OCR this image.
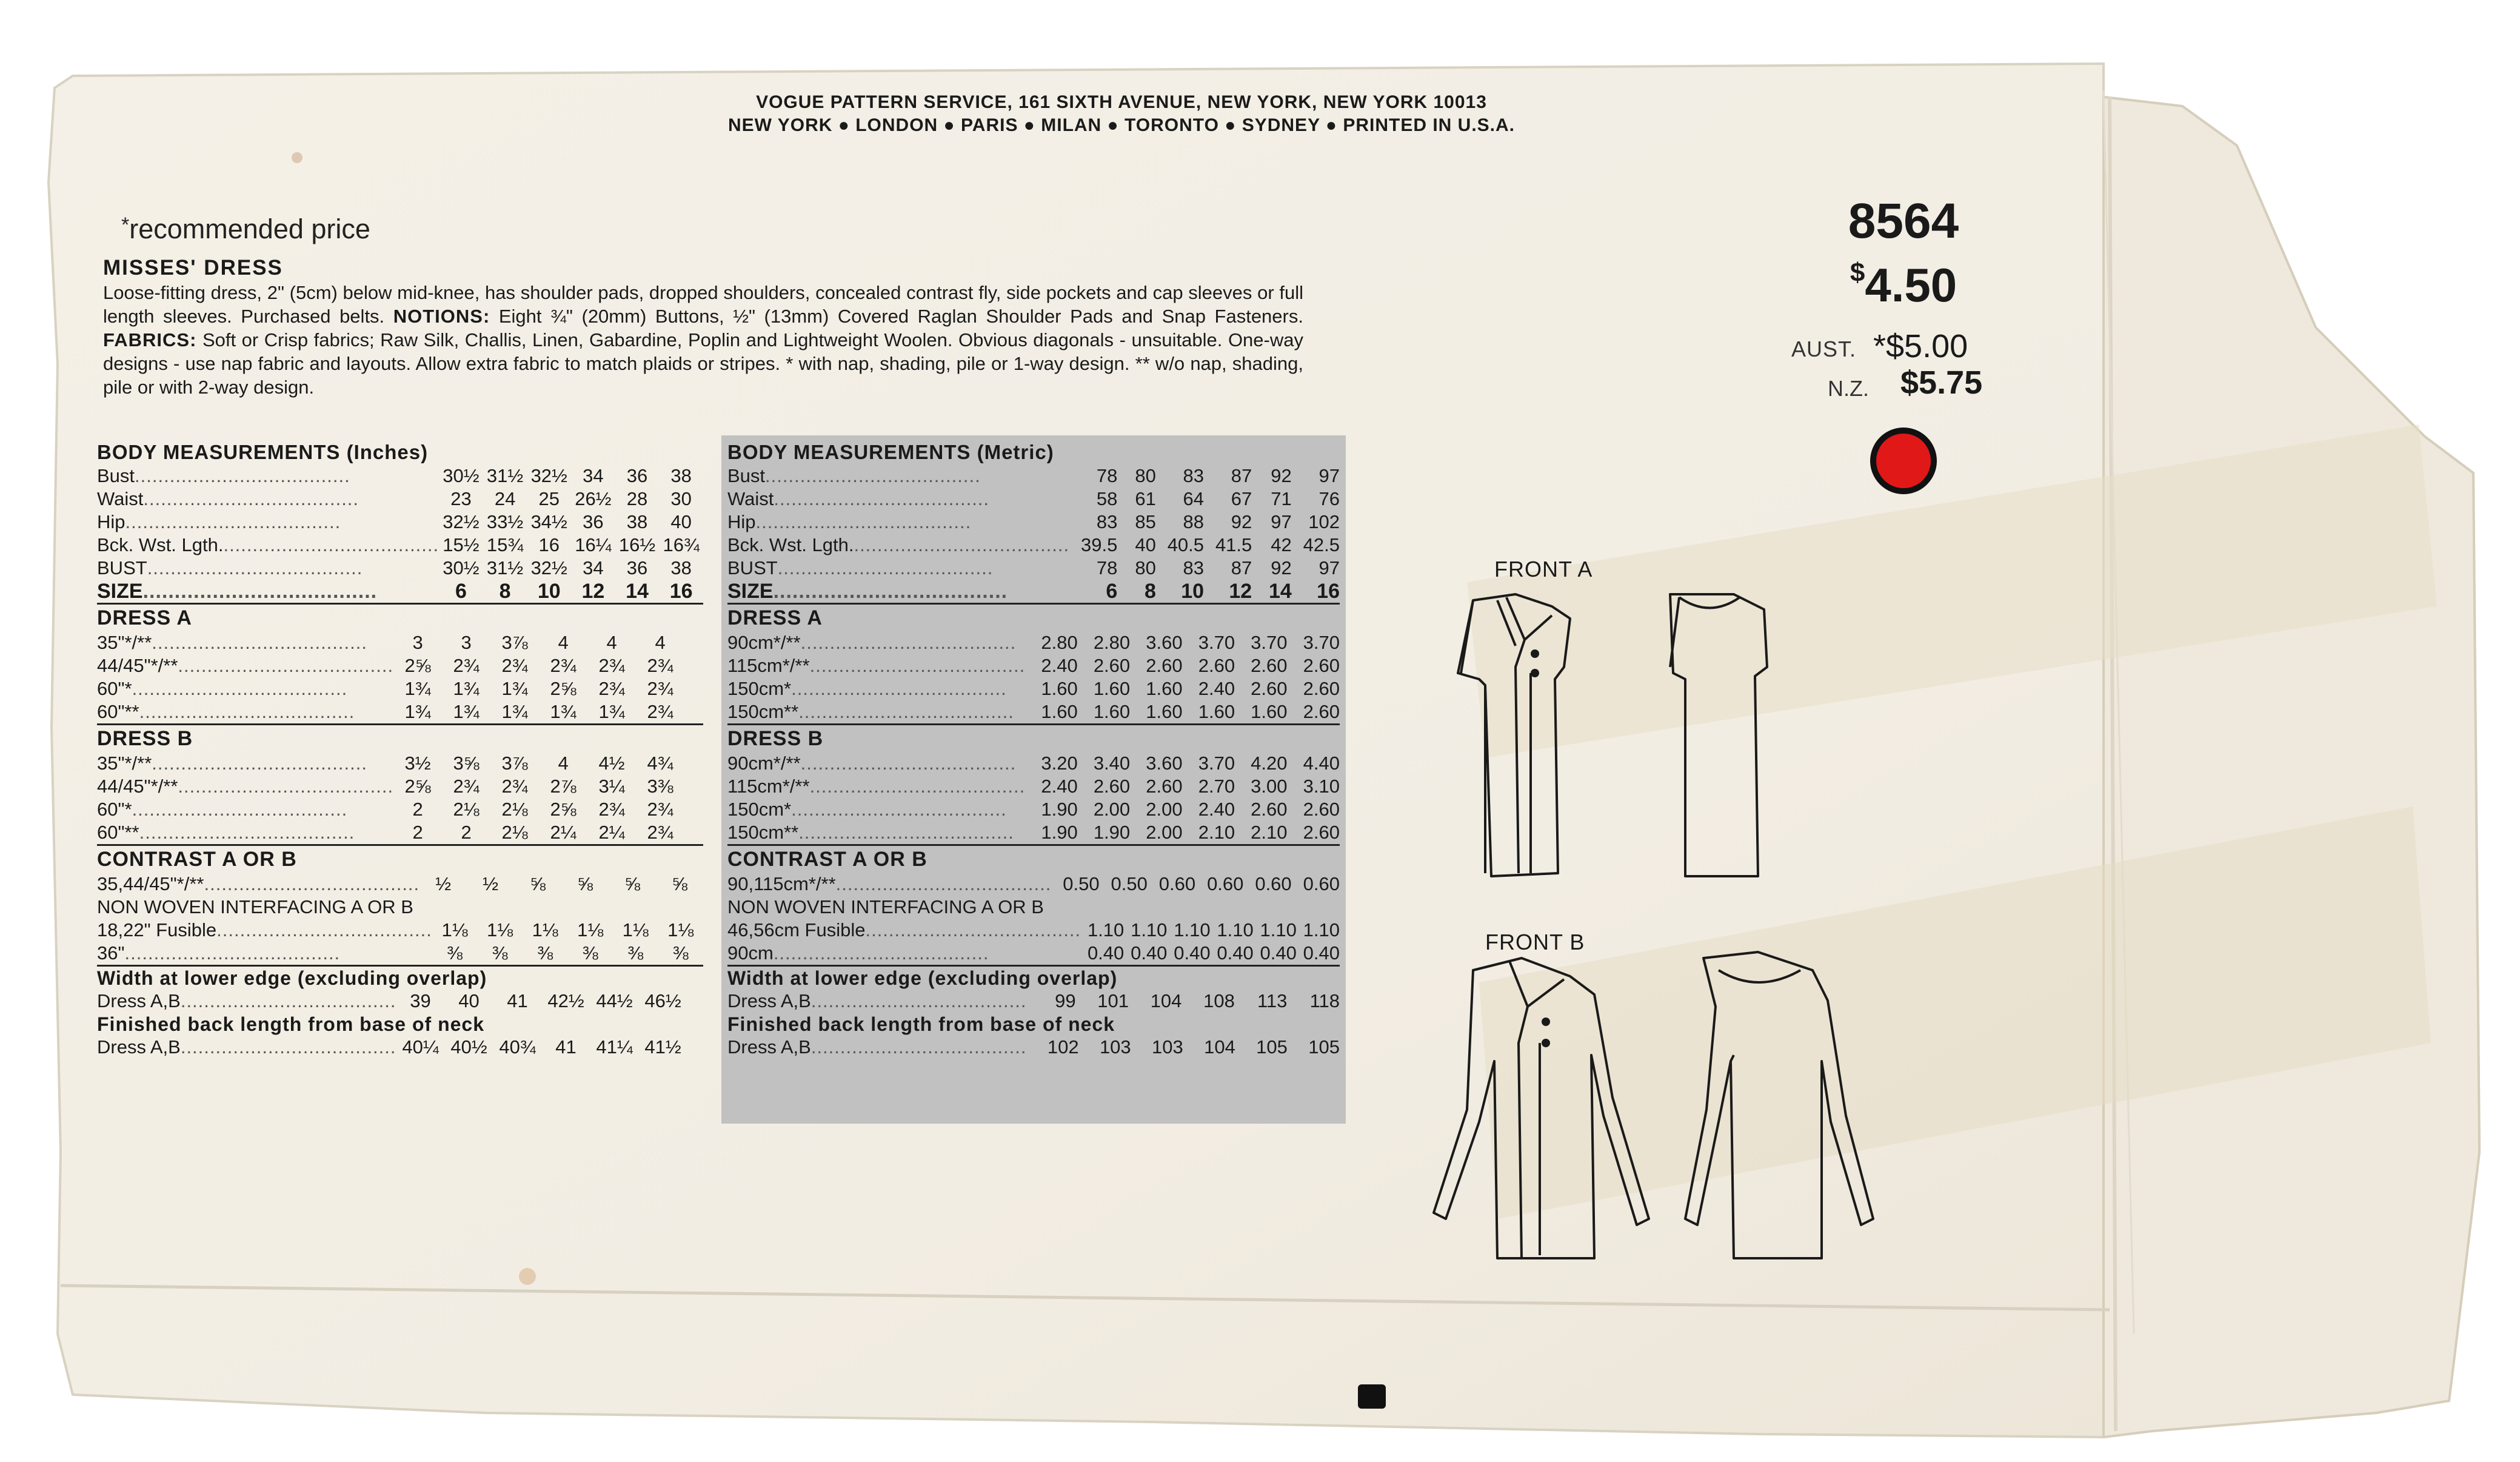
VOGUE PATTERN SERVICE, 161 SIXTH AVENUE, NEW YORK, NEW YORK 10013
NEW YORK ● LONDON ● PARIS ● MILAN ● TORONTO ● SYDNEY ● PRINTED IN U.S.A.
*recommended price
MISSES' DRESS
Loose-fitting dress, 2" (5cm) below mid-knee, has shoulder pads, dropped shoulders, concealed contrast fly, side pockets and cap sleeves or full length sleeves. Purchased belts. NOTIONS: Eight ¾" (20mm) Buttons, ½" (13mm) Covered Raglan Shoulder Pads and Snap Fasteners. FABRICS: Soft or Crisp fabrics; Raw Silk, Challis, Linen, Gabardine, Poplin and Lightweight Woolen. Obvious diagonals - unsuitable. One-way designs - use nap fabric and layouts. Allow extra fabric to match plaids or stripes. * with nap, shading, pile or 1-way design. ** w/o nap, shading, pile or with 2-way design.
8564
$4.50
AUST. *$5.00
N.Z. $5.75
BODY MEASUREMENTS (Inches)
Bust.....................................	30½	31½	32½	34	36	38
Waist.....................................	23	24	25	26½	28	30
Hip.....................................	32½	33½	34½	36	38	40
Bck. Wst. Lgth......................................	15½	15¾	16	16¼	16½	16¾
BUST.....................................	30½	31½	32½	34	36	38
SIZE.....................................	6	8	10	12	14	16
DRESS A
35"*/**.....................................	3	3	3⅞	4	4	4
44/45"*/**.....................................	2⅝	2¾	2¾	2¾	2¾	2¾
60"*.....................................	1¾	1¾	1¾	2⅝	2¾	2¾
60"**.....................................	1¾	1¾	1¾	1¾	1¾	2¾
DRESS B
35"*/**.....................................	3½	3⅝	3⅞	4	4½	4¾
44/45"*/**.....................................	2⅝	2¾	2¾	2⅞	3¼	3⅜
60"*.....................................	2	2⅛	2⅛	2⅝	2¾	2¾
60"**.....................................	2	2	2⅛	2¼	2¼	2¾
CONTRAST A OR B
35,44/45"*/**.....................................	½	½	⅝	⅝	⅝	⅝
NON WOVEN INTERFACING A OR B
18,22" Fusible.....................................	1⅛	1⅛	1⅛	1⅛	1⅛	1⅛
36".....................................	⅜	⅜	⅜	⅜	⅜	⅜
Width at lower edge (excluding overlap)
Dress A,B.....................................	39	40	41	42½	44½	46½
Finished back length from base of neck
Dress A,B.....................................	40¼	40½	40¾	41	41¼	41½
BODY MEASUREMENTS (Metric)
Bust.....................................	78	80	83	87	92	97
Waist.....................................	58	61	64	67	71	76
Hip.....................................	83	85	88	92	97	102
Bck. Wst. Lgth......................................	39.5	40	40.5	41.5	42	42.5
BUST.....................................	78	80	83	87	92	97
SIZE.....................................	6	8	10	12	14	16
DRESS A
90cm*/**.....................................	2.80	2.80	3.60	3.70	3.70	3.70
115cm*/**.....................................	2.40	2.60	2.60	2.60	2.60	2.60
150cm*.....................................	1.60	1.60	1.60	2.40	2.60	2.60
150cm**.....................................	1.60	1.60	1.60	1.60	1.60	2.60
DRESS B
90cm*/**.....................................	3.20	3.40	3.60	3.70	4.20	4.40
115cm*/**.....................................	2.40	2.60	2.60	2.70	3.00	3.10
150cm*.....................................	1.90	2.00	2.00	2.40	2.60	2.60
150cm**.....................................	1.90	1.90	2.00	2.10	2.10	2.60
CONTRAST A OR B
90,115cm*/**.....................................	0.50	0.50	0.60	0.60	0.60	0.60
NON WOVEN INTERFACING A OR B
46,56cm Fusible.....................................	1.10	1.10	1.10	1.10	1.10	1.10
90cm.....................................	0.40	0.40	0.40	0.40	0.40	0.40
Width at lower edge (excluding overlap)
Dress A,B.....................................	99	101	104	108	113	118
Finished back length from base of neck
Dress A,B.....................................	102	103	103	104	105	105
FRONT A
FRONT B
